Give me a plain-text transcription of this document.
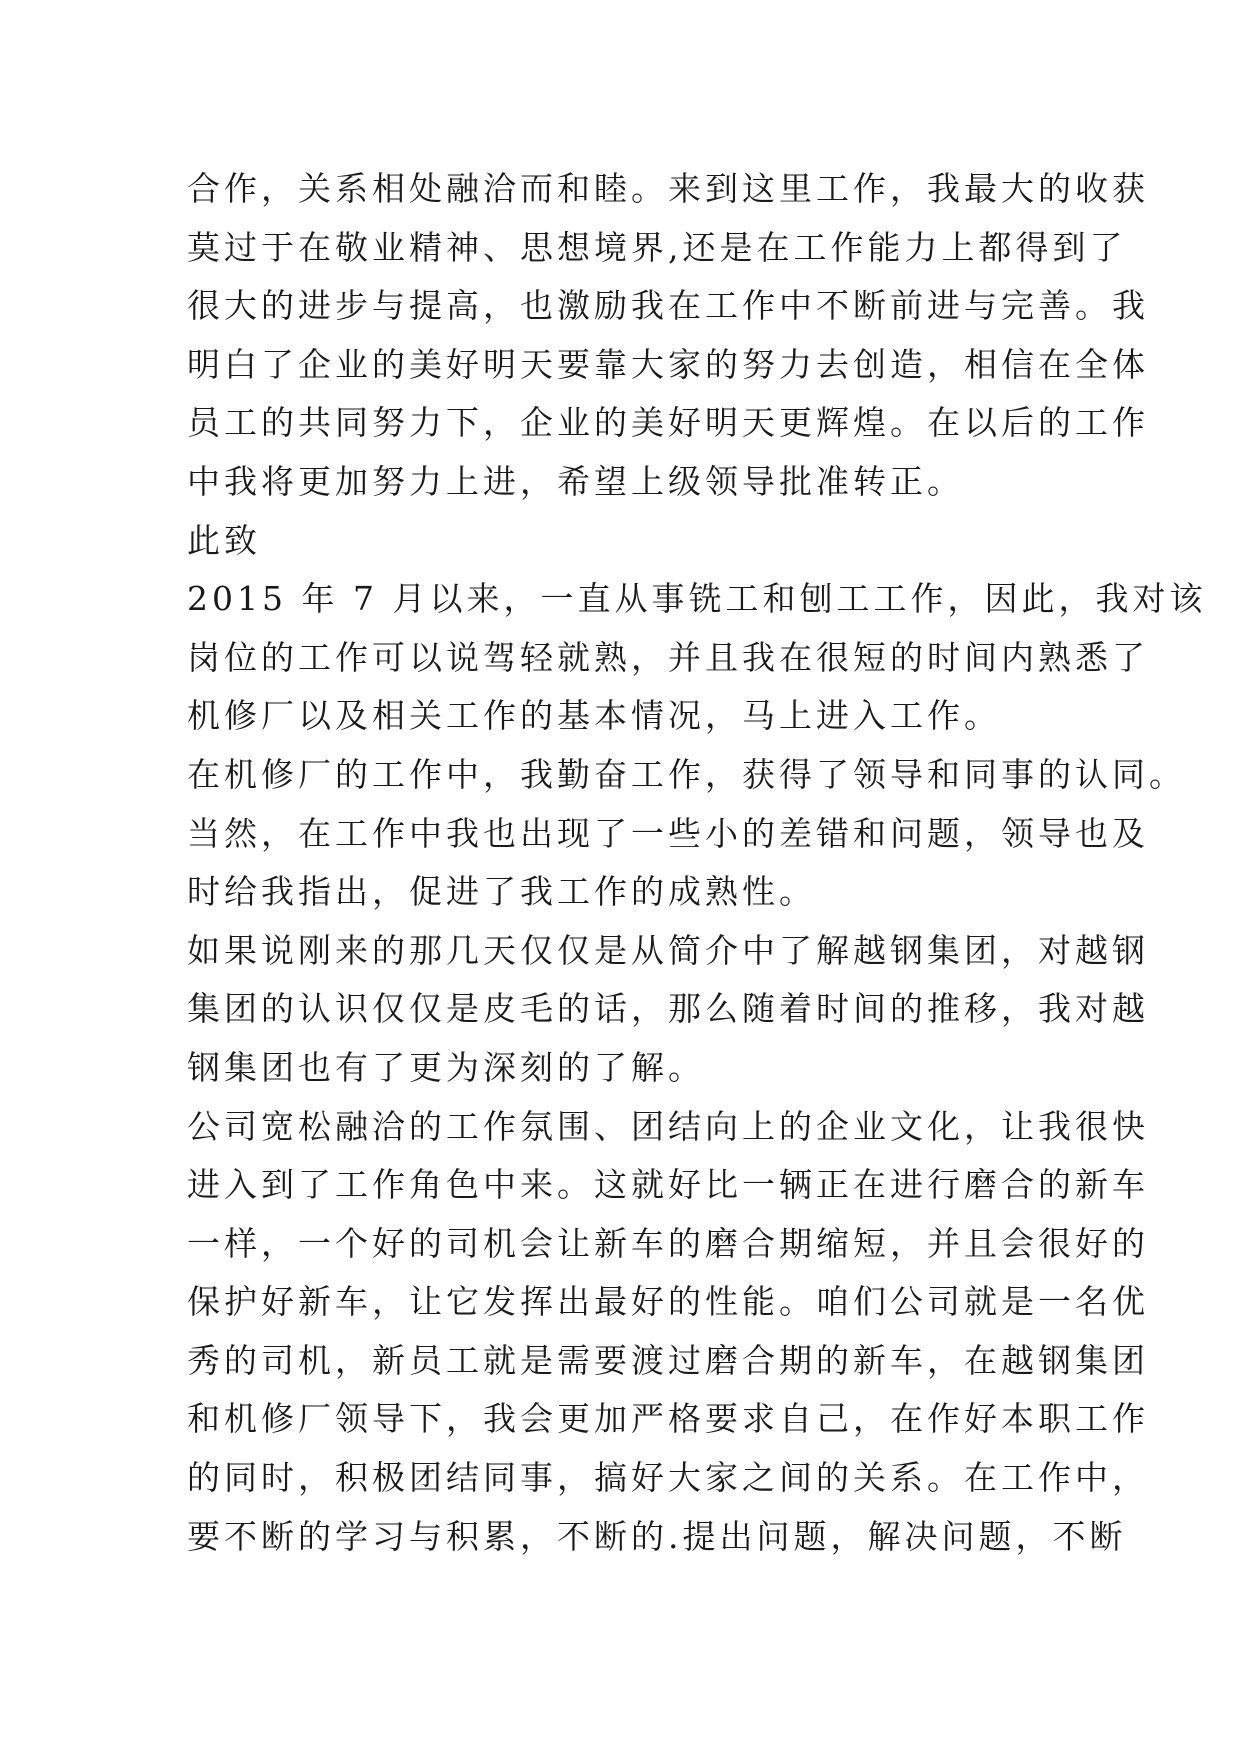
合作，关系相处融洽而和睦。来到这里工作，我最大的收获

莫过于在敬业精神、思想境界,还是在工作能力上都得到了

很大的进步与提高，也激励我在工作中不断前进与完善。我

明白了企业的美好明天要靠大家的努力去创造，相信在全体

员工的共同努力下，企业的美好明天更辉煌。在以后的工作

中我将更加努力上进，希望上级领导批准转正。

此致

2015 年 7 月以来，一直从事铣工和刨工工作，因此，我对该

岗位的工作可以说驾轻就熟，并且我在很短的时间内熟悉了

机修厂以及相关工作的基本情况，马上进入工作。

在机修厂的工作中，我勤奋工作，获得了领导和同事的认同。

当然，在工作中我也出现了一些小的差错和问题，领导也及

时给我指出，促进了我工作的成熟性。

如果说刚来的那几天仅仅是从简介中了解越钢集团，对越钢

集团的认识仅仅是皮毛的话，那么随着时间的推移，我对越

钢集团也有了更为深刻的了解。

公司宽松融洽的工作氛围、团结向上的企业文化，让我很快

进入到了工作角色中来。这就好比一辆正在进行磨合的新车

一样，一个好的司机会让新车的磨合期缩短，并且会很好的

保护好新车，让它发挥出最好的性能。咱们公司就是一名优

秀的司机，新员工就是需要渡过磨合期的新车，在越钢集团

和机修厂领导下，我会更加严格要求自己，在作好本职工作

的同时，积极团结同事，搞好大家之间的关系。在工作中，

要不断的学习与积累，不断的.提出问题，解决问题，不断
